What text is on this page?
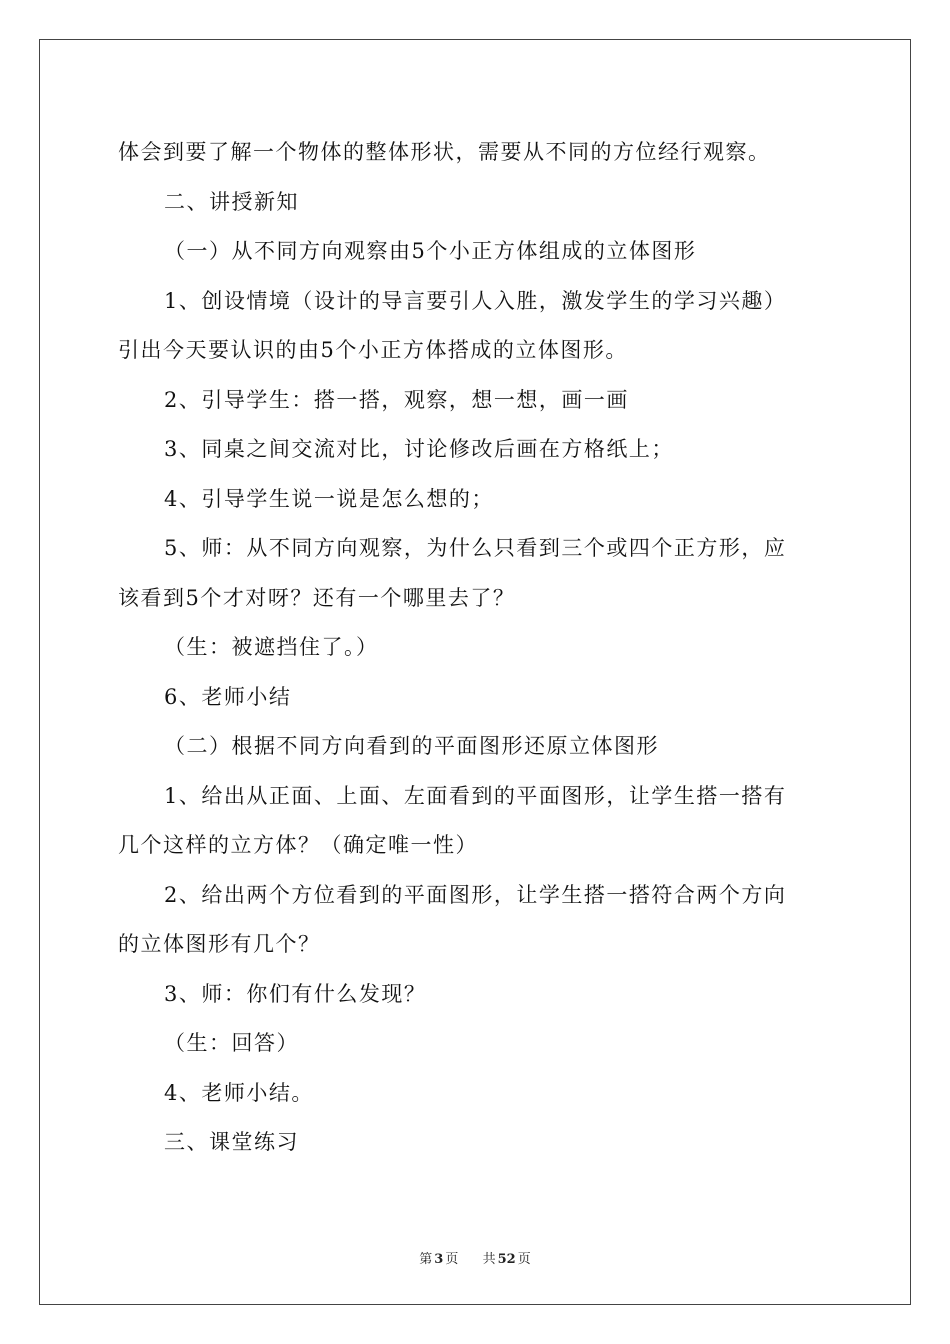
体会到要了解一个物体的整体形状，需要从不同的方位经行观察。

二、讲授新知

（一）从不同方向观察由5个小正方体组成的立体图形

1、创设情境（设计的导言要引人入胜，激发学生的学习兴趣）

引出今天要认识的由5个小正方体搭成的立体图形。

2、引导学生：搭一搭，观察，想一想，画一画

3、同桌之间交流对比，讨论修改后画在方格纸上；

4、引导学生说一说是怎么想的；

5、师：从不同方向观察，为什么只看到三个或四个正方形，应

该看到5个才对呀？还有一个哪里去了？

（生：被遮挡住了。）

6、老师小结

（二）根据不同方向看到的平面图形还原立体图形

1、给出从正面、上面、左面看到的平面图形，让学生搭一搭有

几个这样的立方体？（确定唯一性）

2、给出两个方位看到的平面图形，让学生搭一搭符合两个方向

的立体图形有几个？

3、师：你们有什么发现？

（生：回答）

4、老师小结。

三、课堂练习

第 3 页 共 52 页
